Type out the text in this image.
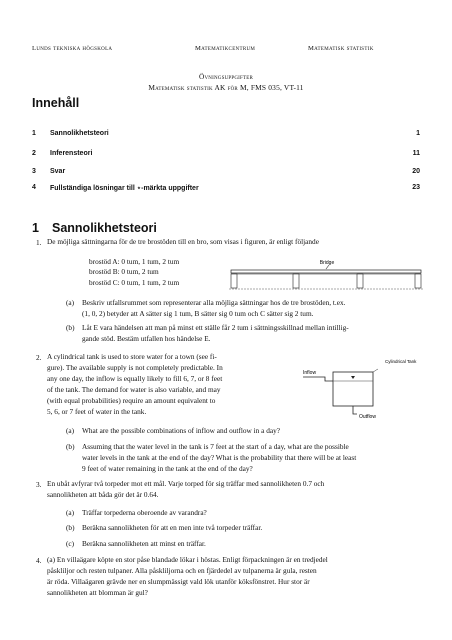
Lunds tekniska högskola	Matematikcentrum	Matematisk statistik
Övningsuppgifter
Matematisk statistik AK för M, FMS 035, VT-11
Innehåll
1 Sannolikhetsteori	1
2 Inferensteori	11
3 Svar	20
4 Fullständiga lösningar till ⋆-märkta uppgifter	23
1 Sannolikhetsteori
1. De möjliga sättningarna för de tre brostöden till en bro, som visas i figuren, är enligt följande
brostöd A: 0 tum, 1 tum, 2 tum
brostöd B: 0 tum, 2 tum
brostöd C: 0 tum, 1 tum, 2 tum
Bridge
(a) Beskriv utfallsrummet som representerar alla möjliga sättningar hos de tre brostöden, t.ex.
(1, 0, 2) betyder att A sätter sig 1 tum, B sätter sig 0 tum och C sätter sig 2 tum.
(b) Låt E vara händelsen att man på minst ett ställe får 2 tum i sättningsskillnad mellan intillig-
gande stöd. Bestäm utfallen hos händelse E.
2. A cylindrical tank is used to store water for a town (see fi-
gure). The available supply is not completely predictable. In
any one day, the inflow is equally likely to fill 6, 7, or 8 feet
of the tank. The demand for water is also variable, and may
(with equal probabilities) require an amount equivalent to
5, 6, or 7 feet of water in the tank.
Inflow
Cylindrical Tank
Outflow
(a) What are the possible combinations of inflow and outflow in a day?
(b) Assuming that the water level in the tank is 7 feet at the start of a day, what are the possible
water levels in the tank at the end of the day? What is the probability that there will be at least
9 feet of water remaining in the tank at the end of the day?
3. En ubåt avfyrar två torpeder mot ett mål. Varje torped för sig träffar med sannolikheten 0.7 och
sannolikheten att båda gör det är 0.64.
(a) Träffar torpederna oberoende av varandra?
(b) Beräkna sannolikheten för att en men inte två torpeder träffar.
(c) Beräkna sannolikheten att minst en träffar.
4. (a) En villaägare köpte en stor påse blandade lökar i höstas. Enligt förpackningen är en tredjedel
påskliljor och resten tulpaner. Alla påskliljorna och en fjärdedel av tulpanerna är gula, resten
är röda. Villaägaren grävde ner en slumpmässigt vald lök utanför köksfönstret. Hur stor är
sannolikheten att blomman är gul?
